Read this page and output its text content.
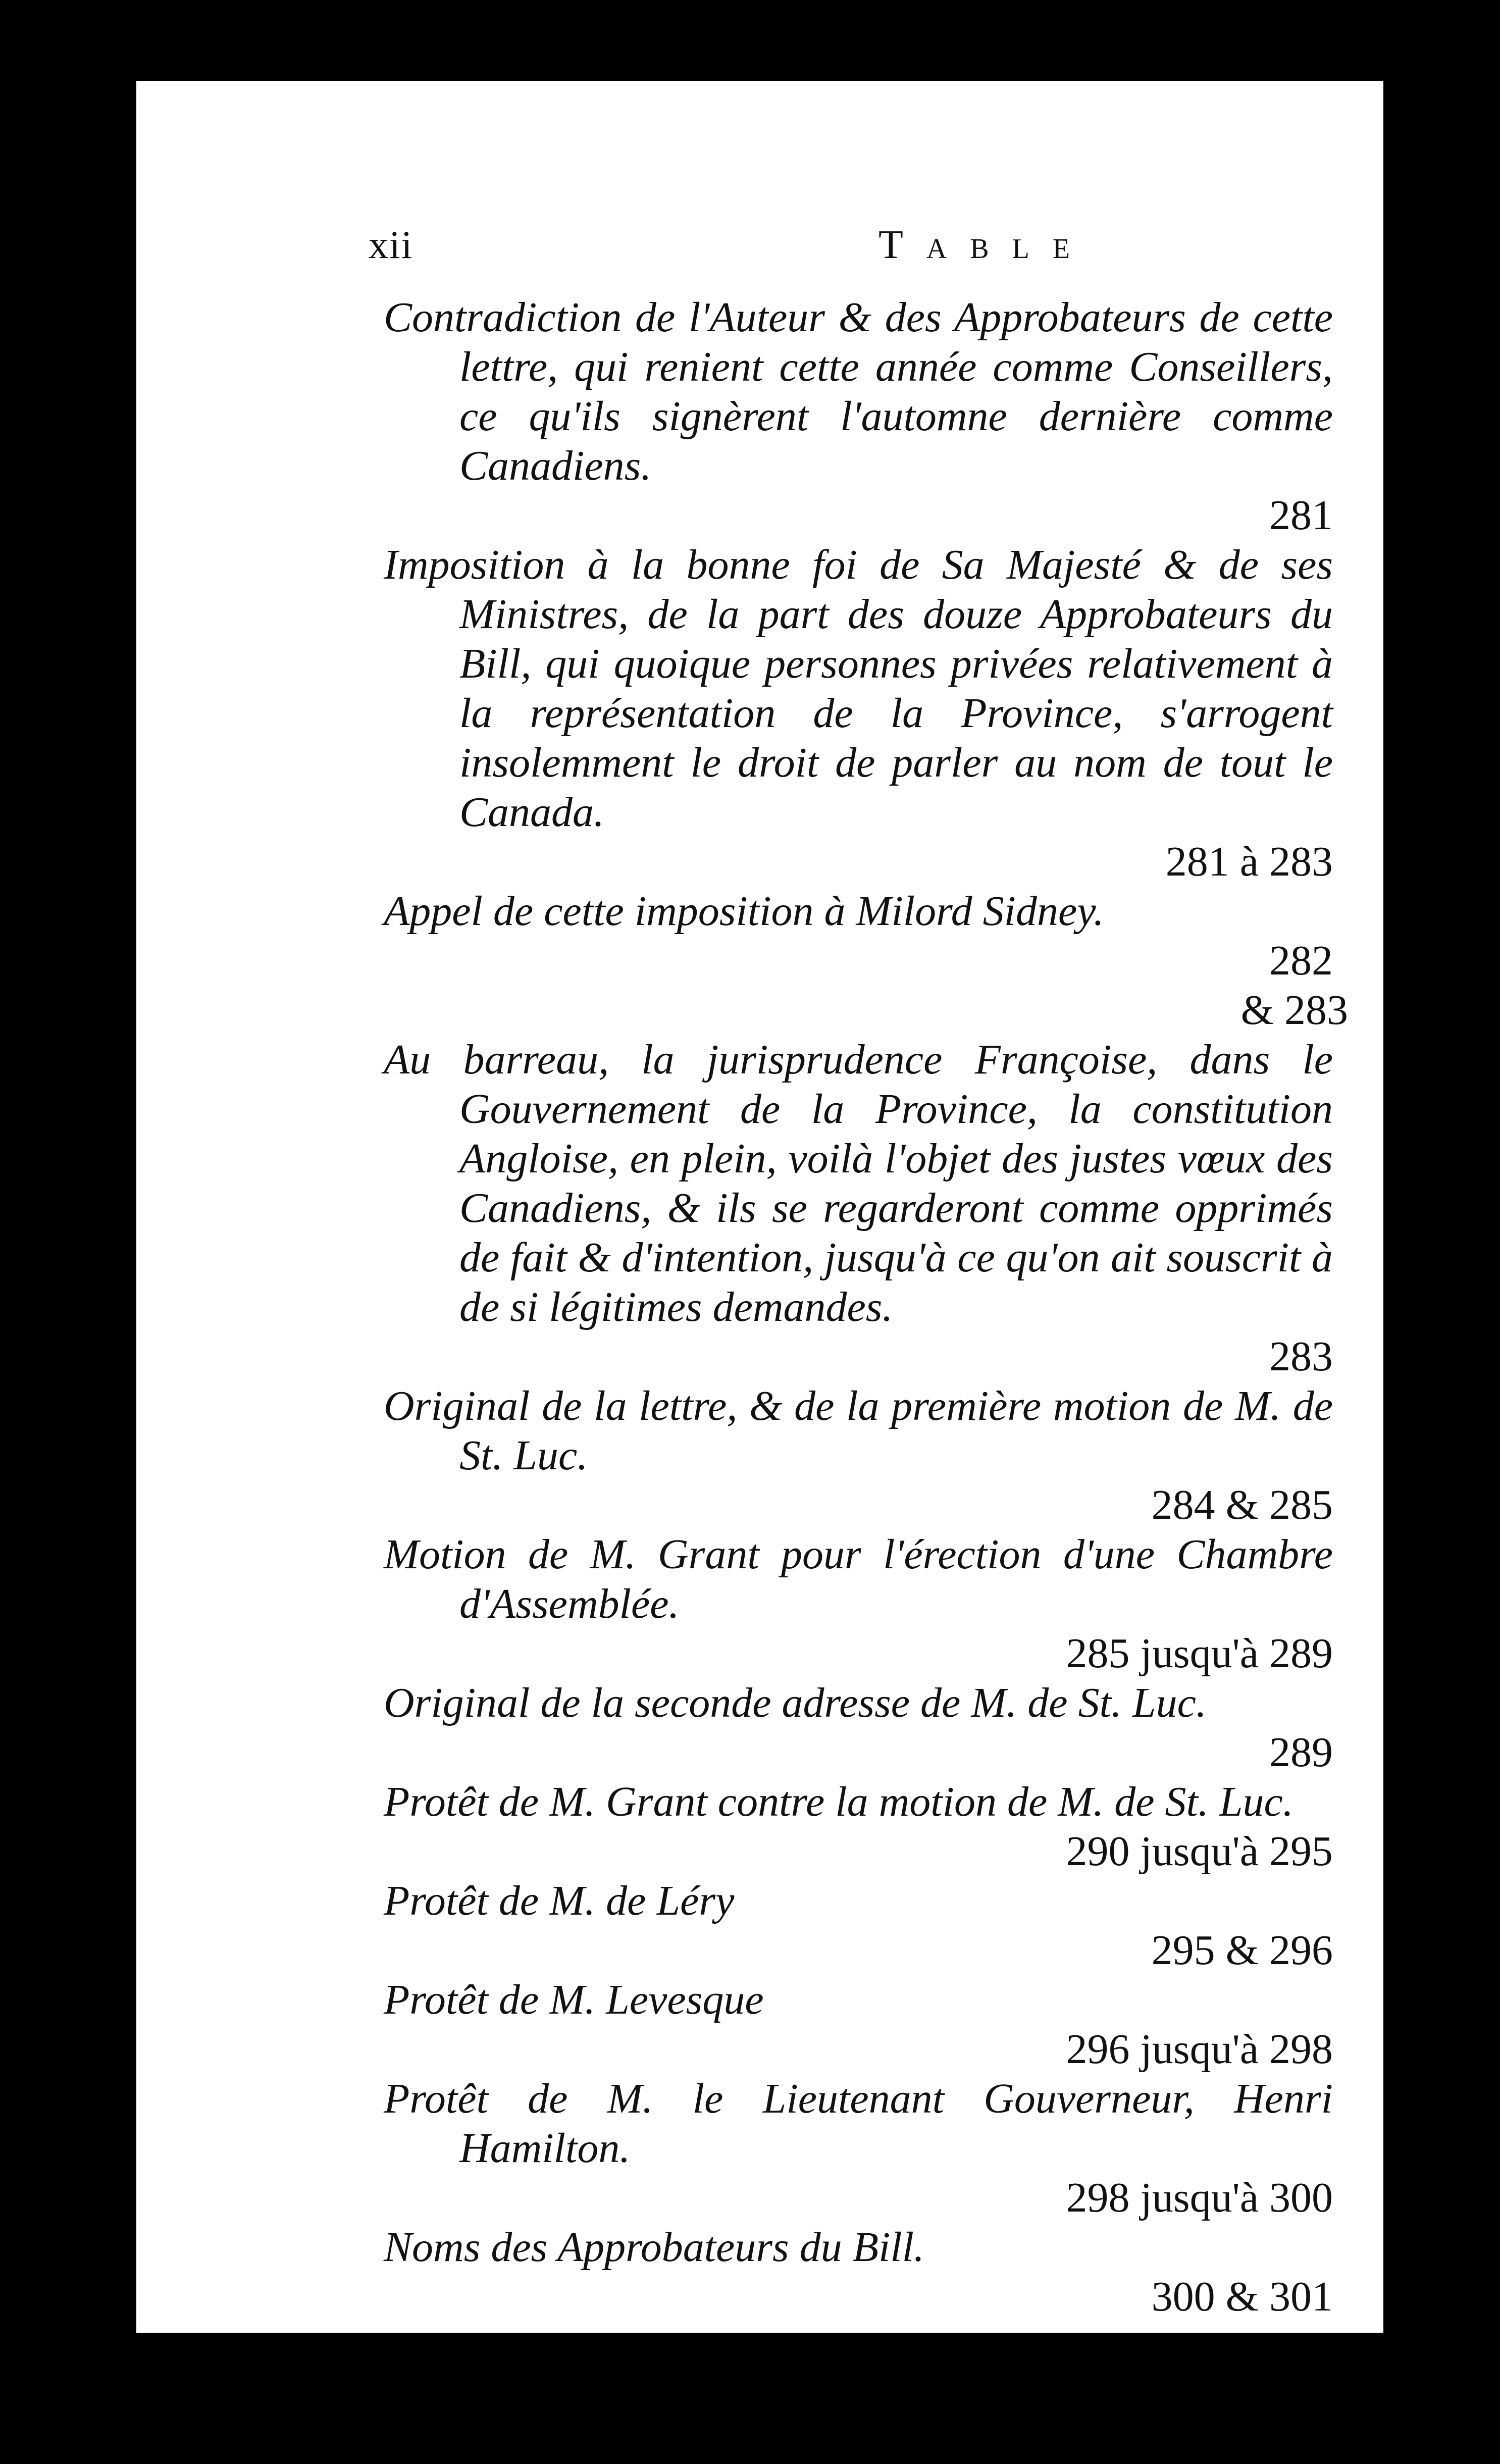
xii	Table
Contradiction de l'Auteur & des Approbateurs de cette lettre, qui renient cette année comme Conseillers, ce qu'ils signèrent l'automne dernière comme Canadiens.
281
Imposition à la bonne foi de Sa Majesté & de ses Ministres, de la part des douze Approbateurs du Bill, qui quoique personnes privées relativement à la représentation de la Province, s'arrogent insolemment le droit de parler au nom de tout le Canada.
281 à 283
Appel de cette imposition à Milord Sidney.
282
& 283
Au barreau, la jurisprudence Françoise, dans le Gouvernement de la Province, la constitution Angloise, en plein, voilà l'objet des justes vœux des Canadiens, & ils se regarderont comme opprimés de fait & d'intention, jusqu'à ce qu'on ait souscrit à de si légitimes demandes.
283
Original de la lettre, & de la première motion de M. de St. Luc.
284 & 285
Motion de M. Grant pour l'érection d'une Chambre d'Assemblée.
285 jusqu'à 289
Original de la seconde adresse de M. de St. Luc.
289
Protêt de M. Grant contre la motion de M. de St. Luc.
290 jusqu'à 295
Protêt de M. de Léry
295 & 296
Protêt de M. Levesque
296 jusqu'à 298
Protêt de M. le Lieutenant Gouverneur, Henri Hamilton.
298 jusqu'à 300
Noms des Approbateurs du Bill.
300 & 301
